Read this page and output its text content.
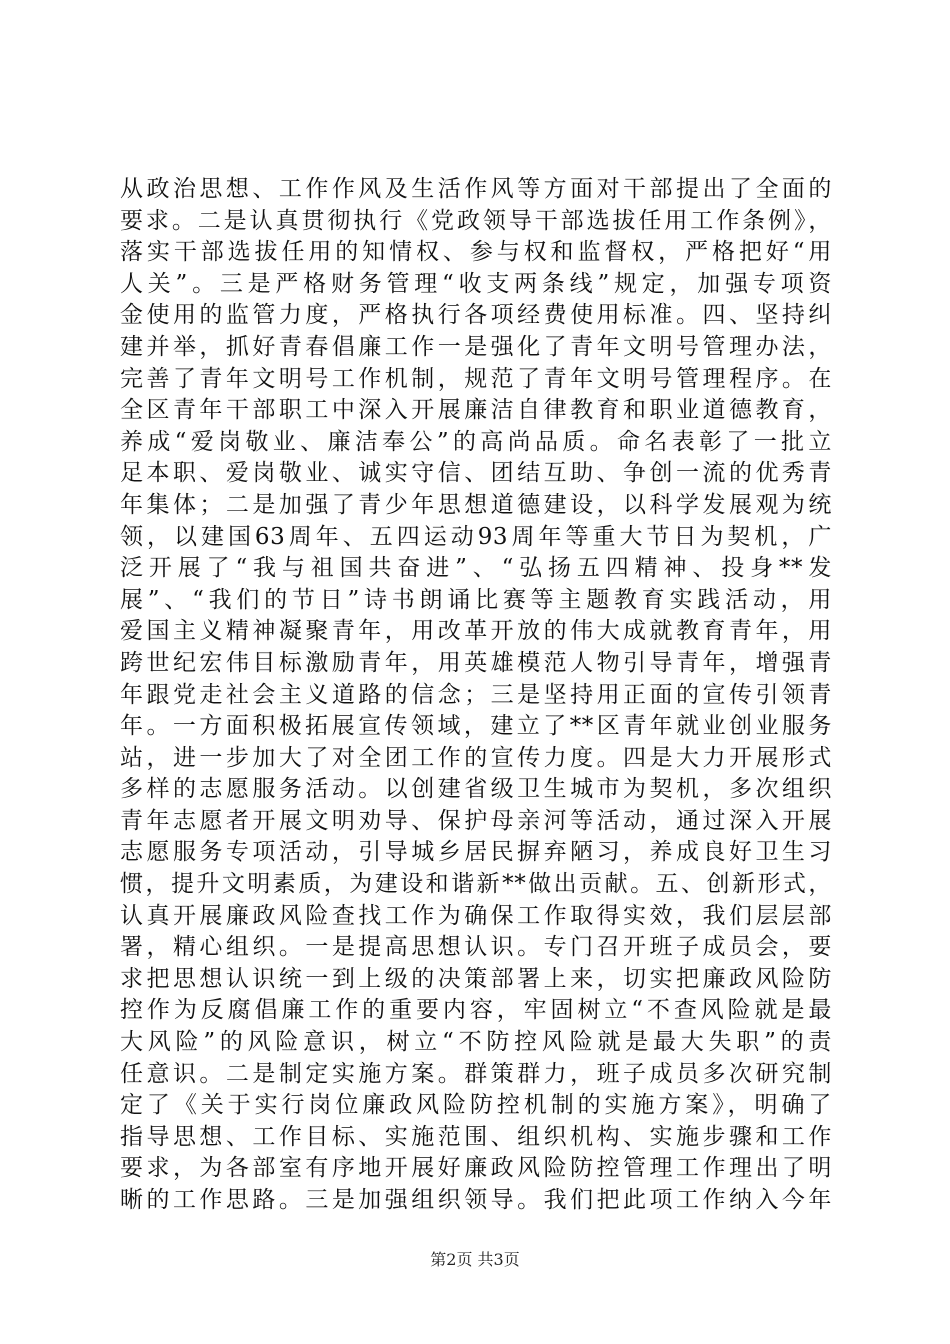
从政治思想、工作作风及生活作风等方面对干部提出了全面的
要求。二是认真贯彻执行《党政领导干部选拔任用工作条例》，
落实干部选拔任用的知情权、参与权和监督权，严格把好“用
人关”。三是严格财务管理“收支两条线”规定，加强专项资
金使用的监管力度，严格执行各项经费使用标准。四、坚持纠
建并举，抓好青春倡廉工作一是强化了青年文明号管理办法，
完善了青年文明号工作机制，规范了青年文明号管理程序。在
全区青年干部职工中深入开展廉洁自律教育和职业道德教育，
养成“爱岗敬业、廉洁奉公”的高尚品质。命名表彰了一批立
足本职、爱岗敬业、诚实守信、团结互助、争创一流的优秀青
年集体；二是加强了青少年思想道德建设，以科学发展观为统
领，以建国63周年、五四运动93周年等重大节日为契机，广
泛开展了“我与祖国共奋进”、“弘扬五四精神、投身**发
展”、“我们的节日”诗书朗诵比赛等主题教育实践活动，用
爱国主义精神凝聚青年，用改革开放的伟大成就教育青年，用
跨世纪宏伟目标激励青年，用英雄模范人物引导青年，增强青
年跟党走社会主义道路的信念；三是坚持用正面的宣传引领青
年。一方面积极拓展宣传领域，建立了**区青年就业创业服务
站，进一步加大了对全团工作的宣传力度。四是大力开展形式
多样的志愿服务活动。以创建省级卫生城市为契机，多次组织
青年志愿者开展文明劝导、保护母亲河等活动，通过深入开展
志愿服务专项活动，引导城乡居民摒弃陋习，养成良好卫生习
惯，提升文明素质，为建设和谐新**做出贡献。五、创新形式，
认真开展廉政风险查找工作为确保工作取得实效，我们层层部
署，精心组织。一是提高思想认识。专门召开班子成员会，要
求把思想认识统一到上级的决策部署上来，切实把廉政风险防
控作为反腐倡廉工作的重要内容，牢固树立“不查风险就是最
大风险”的风险意识，树立“不防控风险就是最大失职”的责
任意识。二是制定实施方案。群策群力，班子成员多次研究制
定了《关于实行岗位廉政风险防控机制的实施方案》，明确了
指导思想、工作目标、实施范围、组织机构、实施步骤和工作
要求，为各部室有序地开展好廉政风险防控管理工作理出了明
晰的工作思路。三是加强组织领导。我们把此项工作纳入今年
第2页 共3页
